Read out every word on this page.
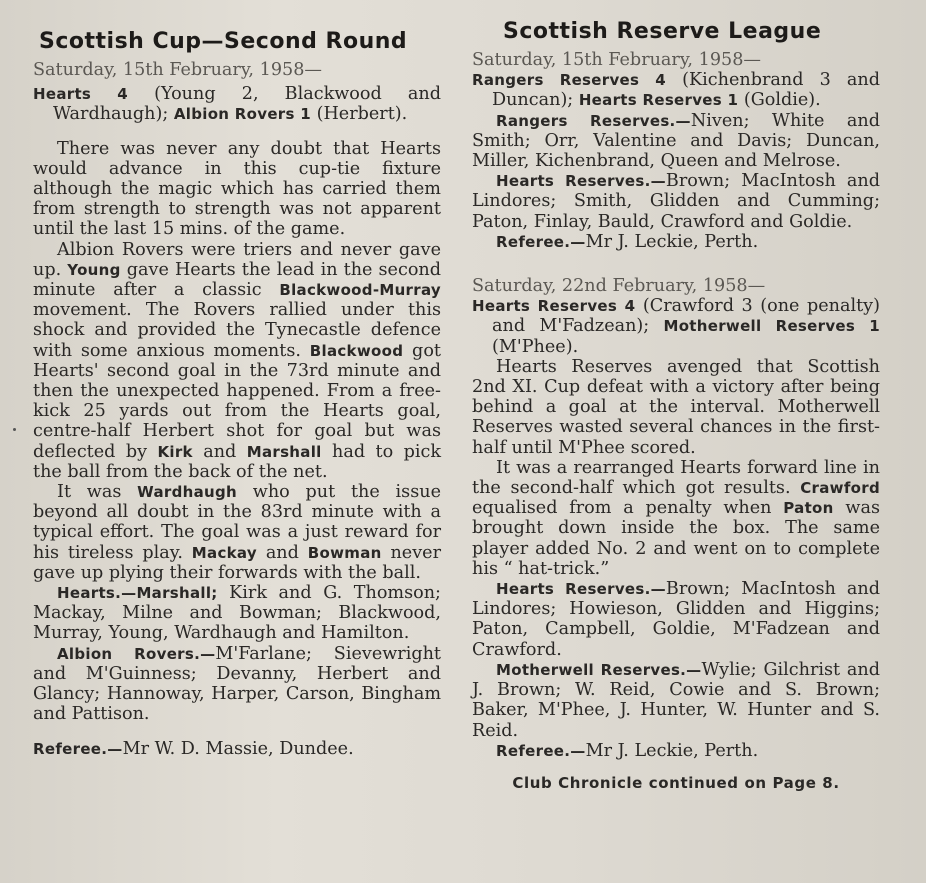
Scottish Cup—Second Round

Saturday, 15th February, 1958—

Hearts 4 (Young 2, Blackwood and Wardhaugh); Albion Rovers 1 (Herbert).

There was never any doubt that Hearts would advance in this cup-tie fixture although the magic which has carried them from strength to strength was not apparent until the last 15 mins. of the game.

Albion Rovers were triers and never gave up. Young gave Hearts the lead in the second minute after a classic Blackwood-Murray movement. The Rovers rallied under this shock and provided the Tynecastle defence with some anxious moments. Blackwood got Hearts' second goal in the 73rd minute and then the unexpected happened. From a free-kick 25 yards out from the Hearts goal, centre-half Herbert shot for goal but was deflected by Kirk and Marshall had to pick the ball from the back of the net.

It was Wardhaugh who put the issue beyond all doubt in the 83rd minute with a typical effort. The goal was a just reward for his tireless play. Mackay and Bowman never gave up plying their forwards with the ball.

Hearts.—Marshall; Kirk and G. Thomson; Mackay, Milne and Bowman; Blackwood, Murray, Young, Wardhaugh and Hamilton.

Albion Rovers.—M'Farlane; Sievewright and M'Guinness; Devanny, Herbert and Glancy; Hannoway, Harper, Carson, Bingham and Pattison.

Referee.—Mr W. D. Massie, Dundee.

Scottish Reserve League

Saturday, 15th February, 1958—

Rangers Reserves 4 (Kichenbrand 3 and Duncan); Hearts Reserves 1 (Goldie).

Rangers Reserves.—Niven; White and Smith; Orr, Valentine and Davis; Duncan, Miller, Kichenbrand, Queen and Melrose.

Hearts Reserves.—Brown; MacIntosh and Lindores; Smith, Glidden and Cumming; Paton, Finlay, Bauld, Crawford and Goldie.

Referee.—Mr J. Leckie, Perth.

Saturday, 22nd February, 1958—

Hearts Reserves 4 (Crawford 3 (one penalty) and M'Fadzean); Motherwell Reserves 1 (M'Phee).

Hearts Reserves avenged that Scottish 2nd XI. Cup defeat with a victory after being behind a goal at the interval. Motherwell Reserves wasted several chances in the first-half until M'Phee scored.

It was a rearranged Hearts forward line in the second-half which got results. Crawford equalised from a penalty when Paton was brought down inside the box. The same player added No. 2 and went on to complete his “ hat-trick.”

Hearts Reserves.—Brown; MacIntosh and Lindores; Howieson, Glidden and Higgins; Paton, Campbell, Goldie, M'Fadzean and Crawford.

Motherwell Reserves.—Wylie; Gilchrist and J. Brown; W. Reid, Cowie and S. Brown; Baker, M'Phee, J. Hunter, W. Hunter and S. Reid.

Referee.—Mr J. Leckie, Perth.

Club Chronicle continued on Page 8.
